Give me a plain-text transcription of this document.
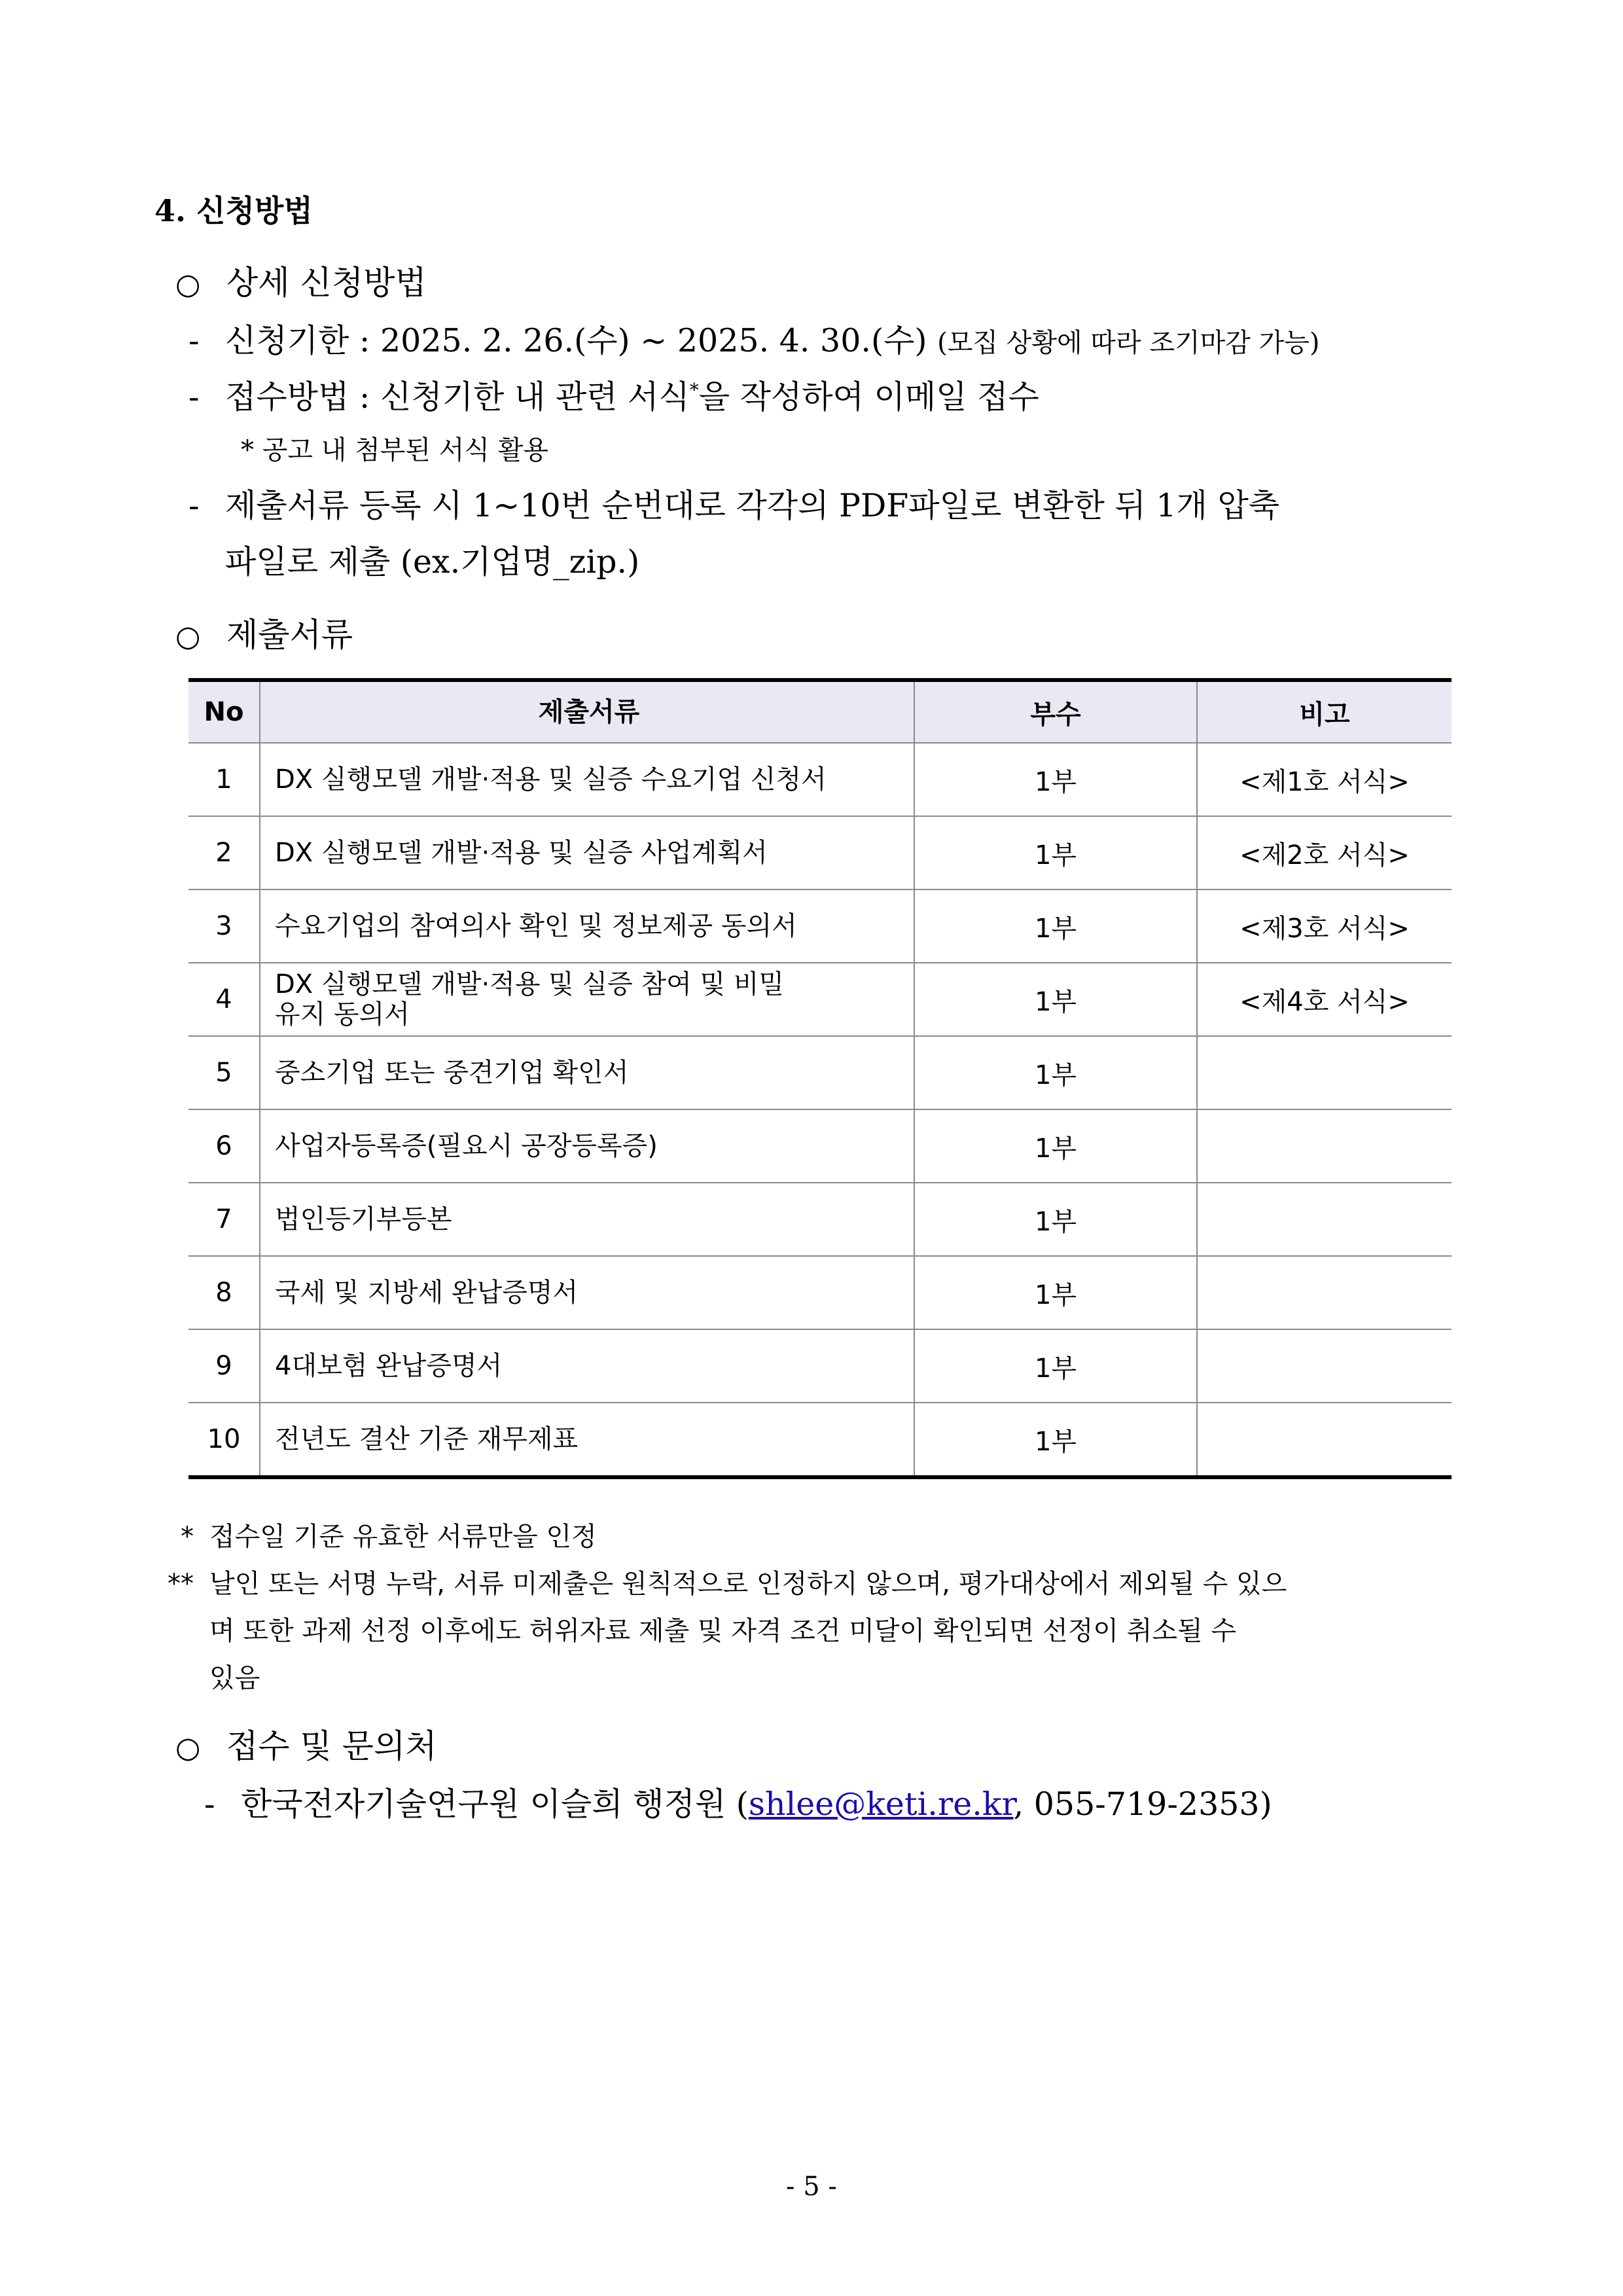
4. 신청방법
○ 상세 신청방법
- 신청기한 : 2025. 2. 26.(수) ~ 2025. 4. 30.(수) (모집 상황에 따라 조기마감 가능)
- 접수방법 : 신청기한 내 관련 서식*을 작성하여 이메일 접수
* 공고 내 첨부된 서식 활용
- 제출서류 등록 시 1~10번 순번대로 각각의 PDF파일로 변환한 뒤 1개 압축
파일로 제출 (ex.기업명_zip.)
○ 제출서류
No	제출서류	부수	비고
1	DX 실행모델 개발·적용 및 실증 수요기업 신청서	1부	<제1호 서식>
2	DX 실행모델 개발·적용 및 실증 사업계획서	1부	<제2호 서식>
3	수요기업의 참여의사 확인 및 정보제공 동의서	1부	<제3호 서식>
4	DX 실행모델 개발·적용 및 실증 참여 및 비밀
유지 동의서	1부	<제4호 서식>
5	중소기업 또는 중견기업 확인서	1부	
6	사업자등록증(필요시 공장등록증)	1부	
7	법인등기부등본	1부	
8	국세 및 지방세 완납증명서	1부	
9	4대보험 완납증명서	1부	
10	전년도 결산 기준 재무제표	1부	
* 접수일 기준 유효한 서류만을 인정
** 날인 또는 서명 누락, 서류 미제출은 원칙적으로 인정하지 않으며, 평가대상에서 제외될 수 있으
며 또한 과제 선정 이후에도 허위자료 제출 및 자격 조건 미달이 확인되면 선정이 취소될 수
있음
○ 접수 및 문의처
- 한국전자기술연구원 이슬희 행정원 (shlee@keti.re.kr, 055-719-2353)
- 5 -
